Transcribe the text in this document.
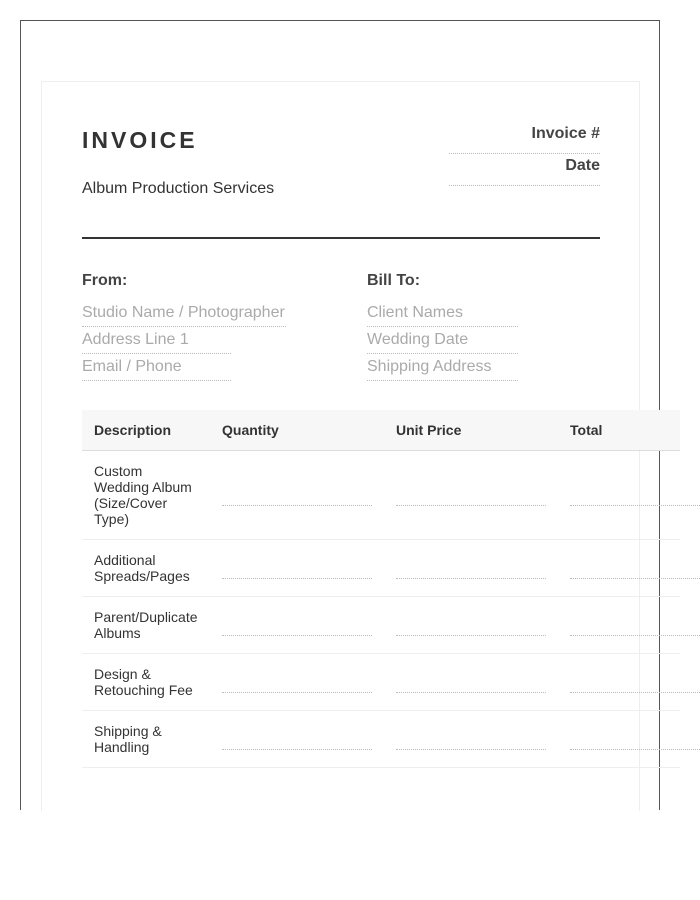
INVOICE
Album Production Services
Invoice #
Date
From:
Studio Name / Photographer
Address Line 1
Email / Phone
Bill To:
Client Names
Wedding Date
Shipping Address
Description	Quantity	Unit Price	Total
Custom Wedding Album (Size/Cover Type)	

Additional Spreads/Pages	

Parent/Duplicate Albums	

Design & Retouching Fee	

Shipping & Handling	
